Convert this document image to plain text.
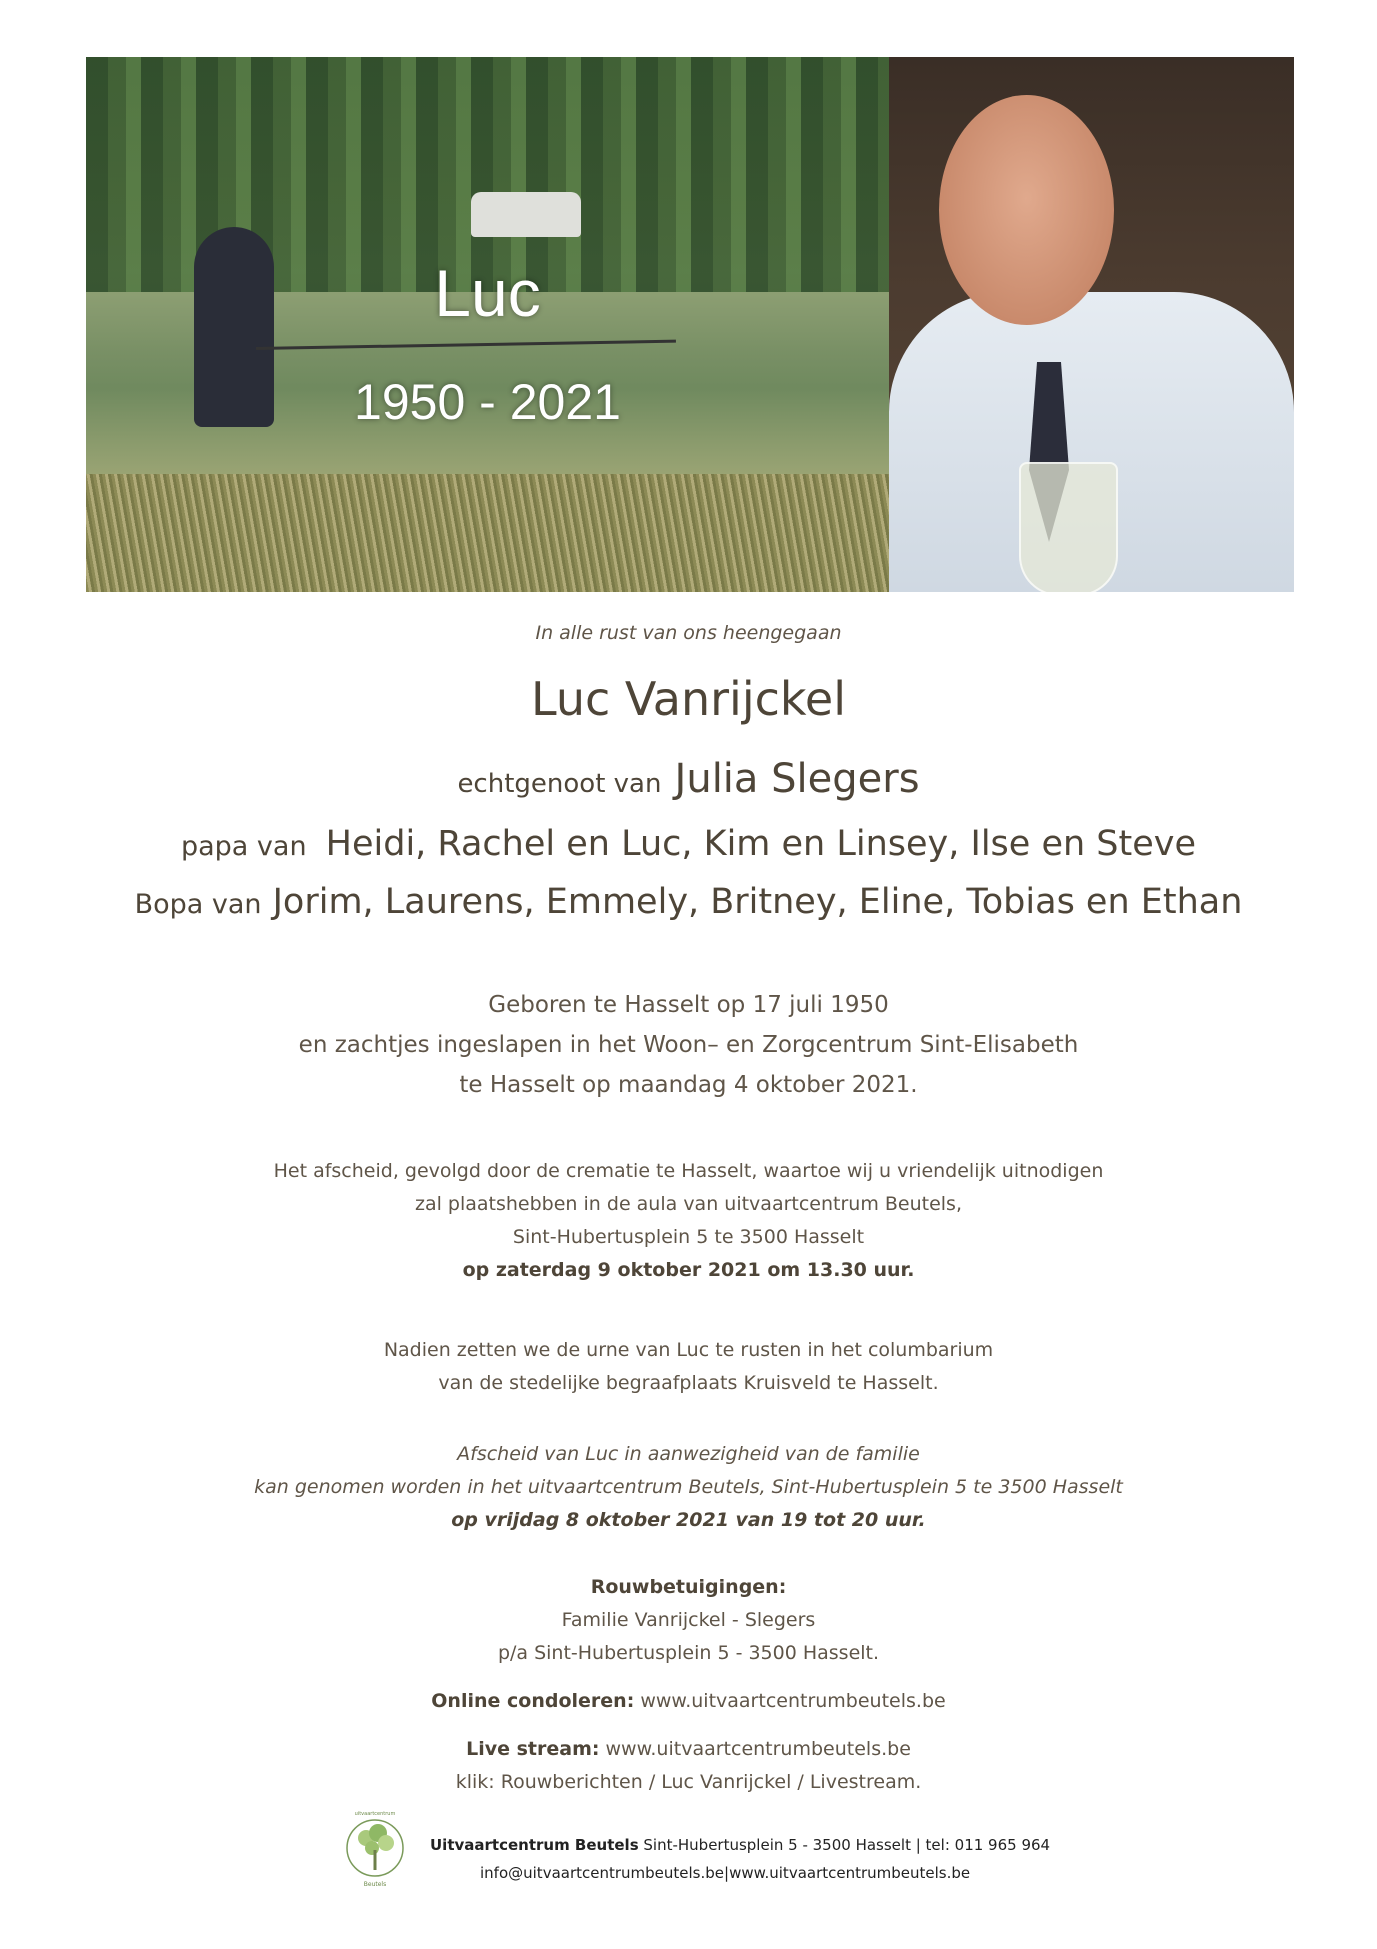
Luc
1950 - 2021
In alle rust van ons heengegaan
Luc Vanrijckel
echtgenoot van Julia Slegers
papa van Heidi, Rachel en Luc, Kim en Linsey, Ilse en Steve
Bopa van Jorim, Laurens, Emmely, Britney, Eline, Tobias en Ethan
Geboren te Hasselt op 17 juli 1950
en zachtjes ingeslapen in het Woon– en Zorgcentrum Sint-Elisabeth
te Hasselt op maandag 4 oktober 2021.
Het afscheid, gevolgd door de crematie te Hasselt, waartoe wij u vriendelijk uitnodigen
zal plaatshebben in de aula van uitvaartcentrum Beutels,
Sint-Hubertusplein 5 te 3500 Hasselt
op zaterdag 9 oktober 2021 om 13.30 uur.
Nadien zetten we de urne van Luc te rusten in het columbarium
van de stedelijke begraafplaats Kruisveld te Hasselt.
Afscheid van Luc in aanwezigheid van de familie
kan genomen worden in het uitvaartcentrum Beutels, Sint-Hubertusplein 5 te 3500 Hasselt
op vrijdag 8 oktober 2021 van 19 tot 20 uur.
Rouwbetuigingen:
Familie Vanrijckel - Slegers
p/a Sint-Hubertusplein 5 - 3500 Hasselt.
Online condoleren: www.uitvaartcentrumbeutels.be
Live stream: www.uitvaartcentrumbeutels.be
klik: Rouwberichten / Luc Vanrijckel / Livestream.
uitvaartcentrum
Beutels
Uitvaartcentrum Beutels Sint-Hubertusplein 5 - 3500 Hasselt | tel: 011 965 964
info@uitvaartcentrumbeutels.be|www.uitvaartcentrumbeutels.be
